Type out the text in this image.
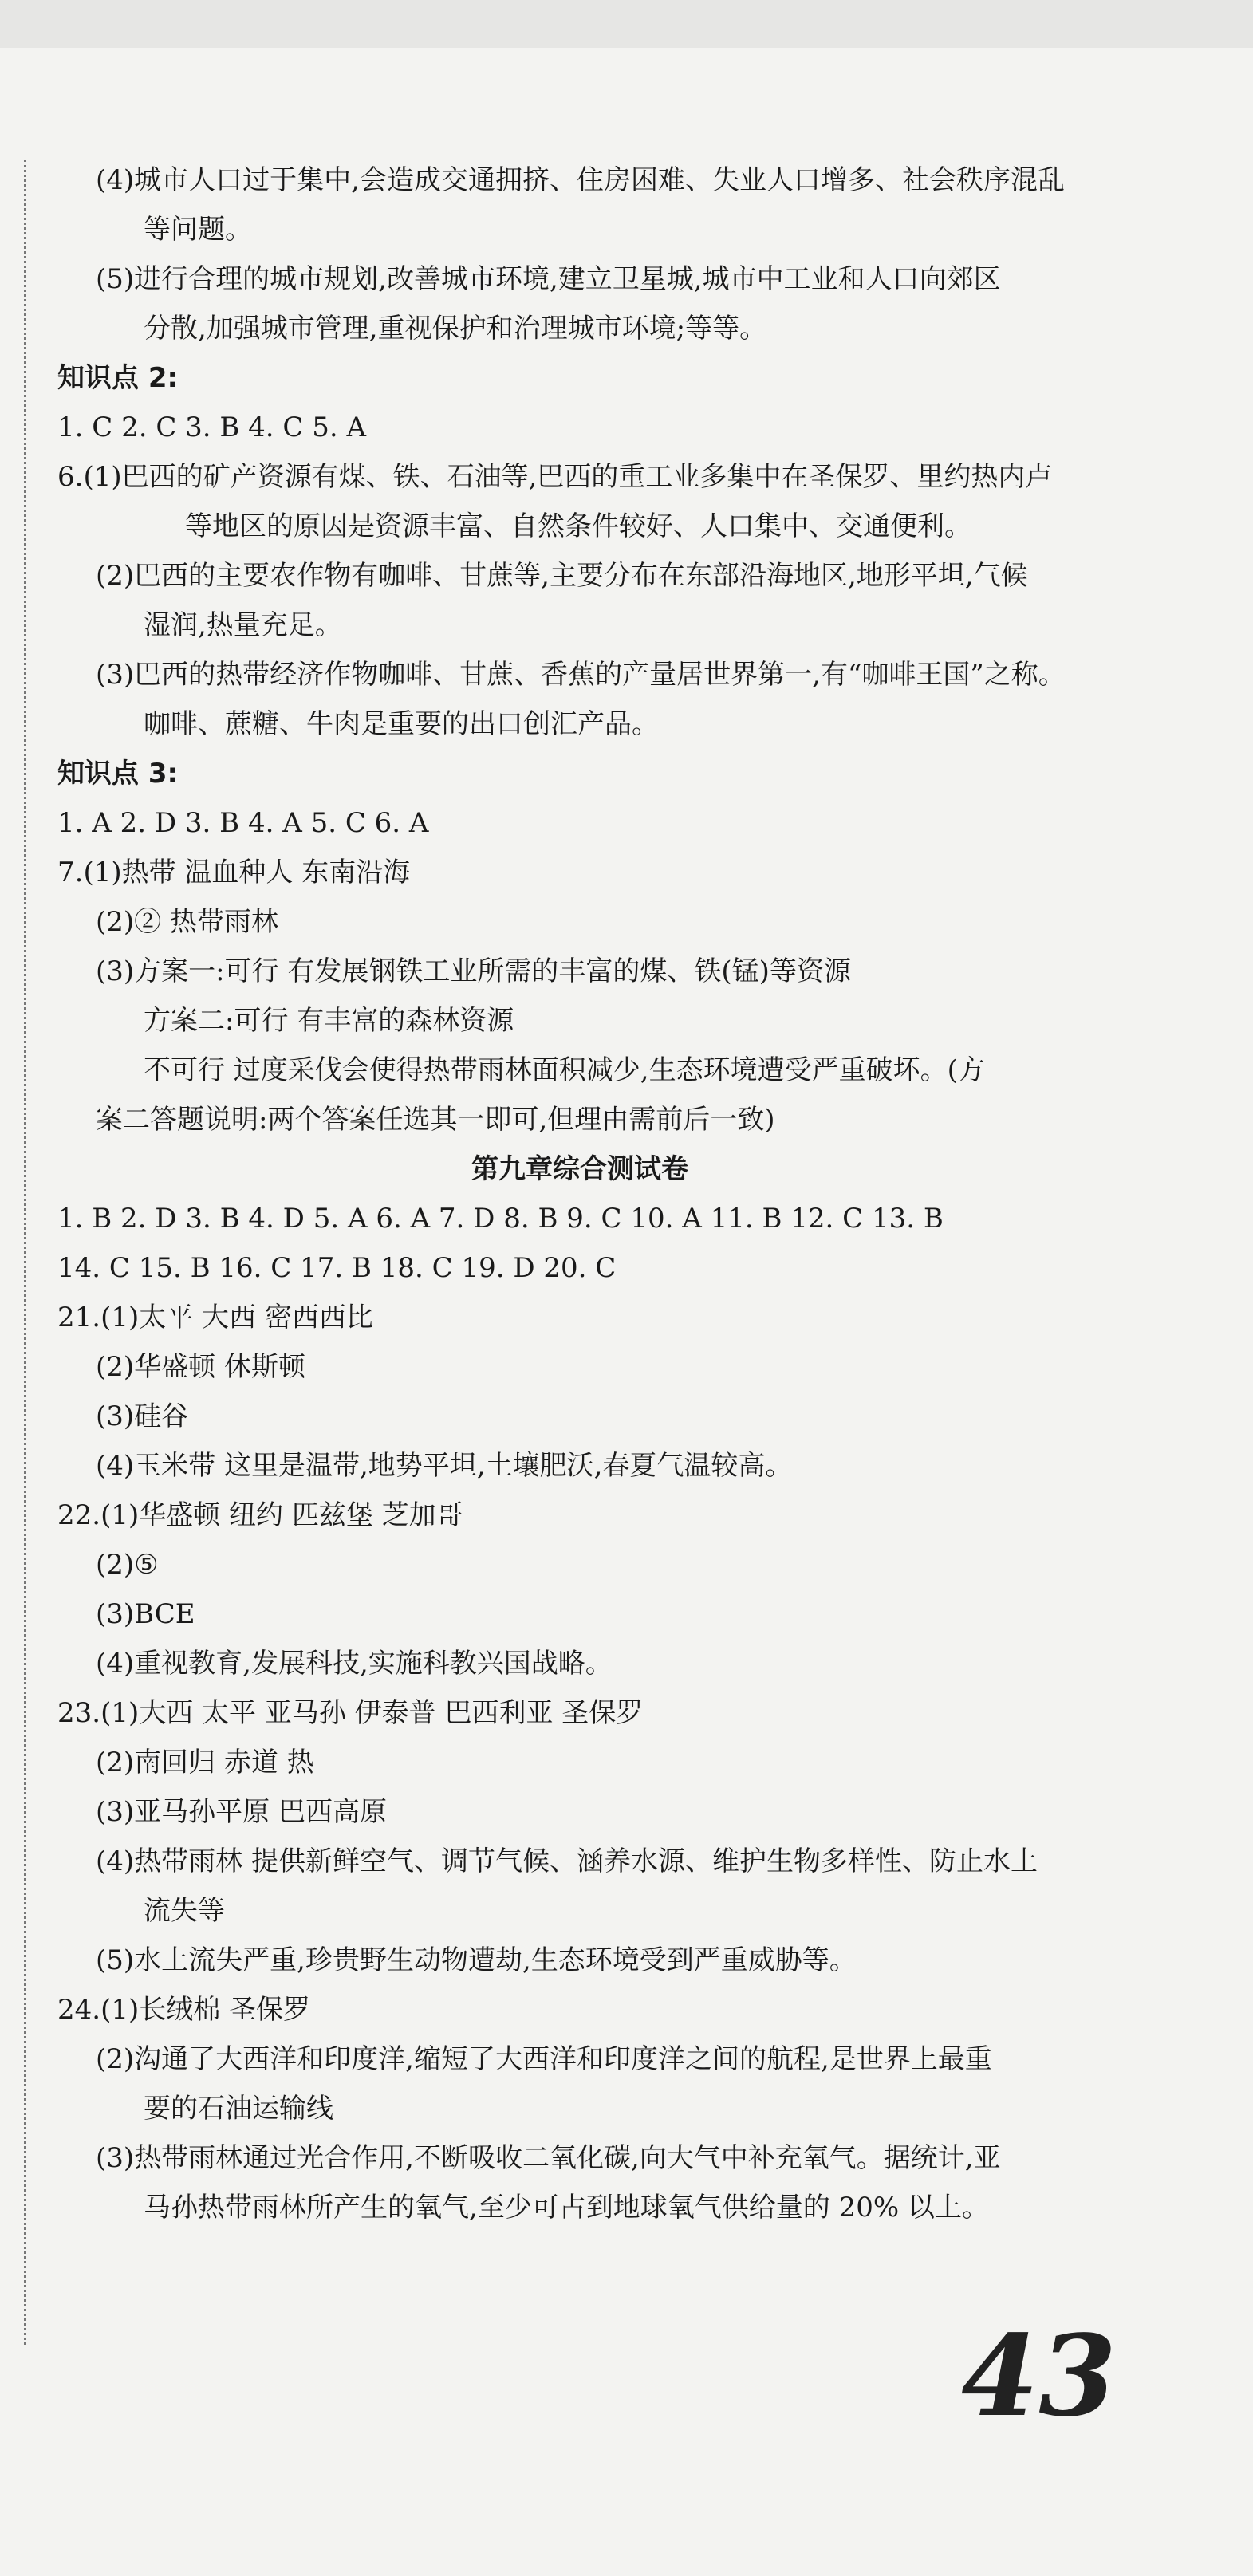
(4)城市人口过于集中,会造成交通拥挤、住房困难、失业人口增多、社会秩序混乱

等问题。

(5)进行合理的城市规划,改善城市环境,建立卫星城,城市中工业和人口向郊区

分散,加强城市管理,重视保护和治理城市环境;等等。

知识点 2:

1. C 2. C 3. B 4. C 5. A

6.(1)巴西的矿产资源有煤、铁、石油等,巴西的重工业多集中在圣保罗、里约热内卢

等地区的原因是资源丰富、自然条件较好、人口集中、交通便利。

(2)巴西的主要农作物有咖啡、甘蔗等,主要分布在东部沿海地区,地形平坦,气候

湿润,热量充足。

(3)巴西的热带经济作物咖啡、甘蔗、香蕉的产量居世界第一,有“咖啡王国”之称。

咖啡、蔗糖、牛肉是重要的出口创汇产品。

知识点 3:

1. A 2. D 3. B 4. A 5. C 6. A

7.(1)热带 温血种人 东南沿海

(2)② 热带雨林

(3)方案一:可行 有发展钢铁工业所需的丰富的煤、铁(锰)等资源

方案二:可行 有丰富的森林资源

不可行 过度采伐会使得热带雨林面积减少,生态环境遭受严重破坏。(方

案二答题说明:两个答案任选其一即可,但理由需前后一致)

第九章综合测试卷

1. B 2. D 3. B 4. D 5. A 6. A 7. D 8. B 9. C 10. A 11. B 12. C 13. B

14. C 15. B 16. C 17. B 18. C 19. D 20. C

21.(1)太平 大西 密西西比

(2)华盛顿 休斯顿

(3)硅谷

(4)玉米带 这里是温带,地势平坦,土壤肥沃,春夏气温较高。

22.(1)华盛顿 纽约 匹兹堡 芝加哥

(2)⑤

(3)BCE

(4)重视教育,发展科技,实施科教兴国战略。

23.(1)大西 太平 亚马孙 伊泰普 巴西利亚 圣保罗

(2)南回归 赤道 热

(3)亚马孙平原 巴西高原

(4)热带雨林 提供新鲜空气、调节气候、涵养水源、维护生物多样性、防止水土

流失等

(5)水土流失严重,珍贵野生动物遭劫,生态环境受到严重威胁等。

24.(1)长绒棉 圣保罗

(2)沟通了大西洋和印度洋,缩短了大西洋和印度洋之间的航程,是世界上最重

要的石油运输线

(3)热带雨林通过光合作用,不断吸收二氧化碳,向大气中补充氧气。据统计,亚

马孙热带雨林所产生的氧气,至少可占到地球氧气供给量的 20% 以上。

43
